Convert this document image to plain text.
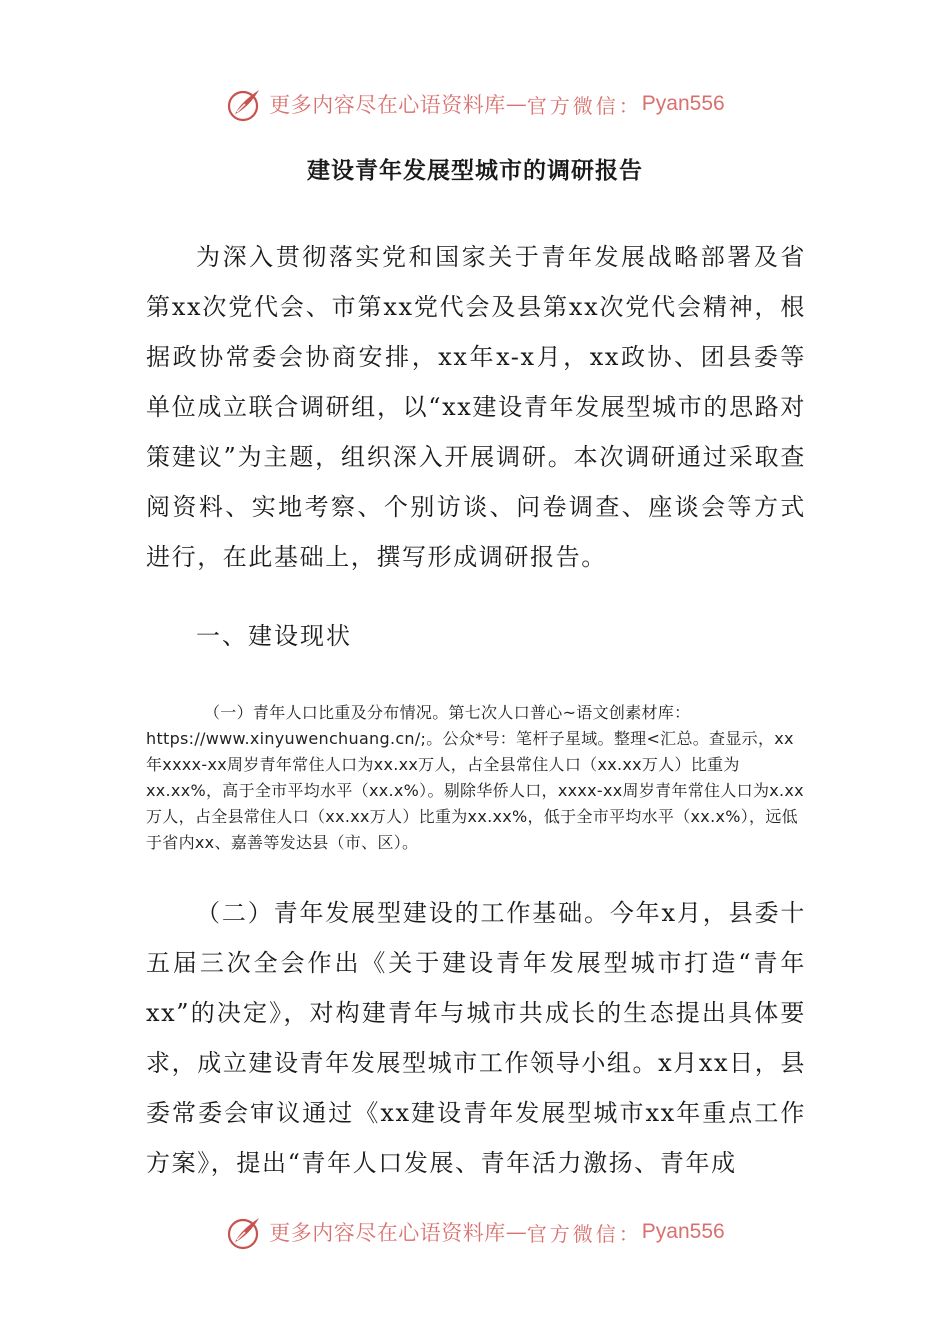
更多内容尽在心语资料库 — 官方微信： Pyan556
建设青年发展型城市的调研报告

为深入贯彻落实党和国家关于青年发展战略部署及省第xx次党代会、市第xx党代会及县第xx次党代会精神，根据政协常委会协商安排，xx年x-x月，xx政协、团县委等单位成立联合调研组，以“xx建设青年发展型城市的思路对策建议”为主题，组织深入开展调研。本次调研通过采取查阅资料、实地考察、个别访谈、问卷调查、座谈会等方式进行，在此基础上，撰写形成调研报告。

一、建设现状

（一）青年人口比重及分布情况。第七次人口普心~语文创素材库：https://www.xinyuwenchuang.cn/;。公众*号：笔杆子星域。整理<汇总。查显示，xx年xxxx-xx周岁青年常住人口为xx.xx万人，占全县常住人口（xx.xx万人）比重为xx.xx%，高于全市平均水平（xx.x%）。剔除华侨人口，xxxx-xx周岁青年常住人口为x.xx万人，占全县常住人口（xx.xx万人）比重为xx.xx%，低于全市平均水平（xx.x%），远低于省内xx、嘉善等发达县（市、区）。

（二）青年发展型建设的工作基础。今年x月，县委十五届三次全会作出《关于建设青年发展型城市打造“青年xx”的决定》，对构建青年与城市共成长的生态提出具体要求，成立建设青年发展型城市工作领导小组。x月xx日，县委常委会审议通过《xx建设青年发展型城市xx年重点工作方案》，提出“青年人口发展、青年活力激扬、青年成

更多内容尽在心语资料库 — 官方微信： Pyan556
